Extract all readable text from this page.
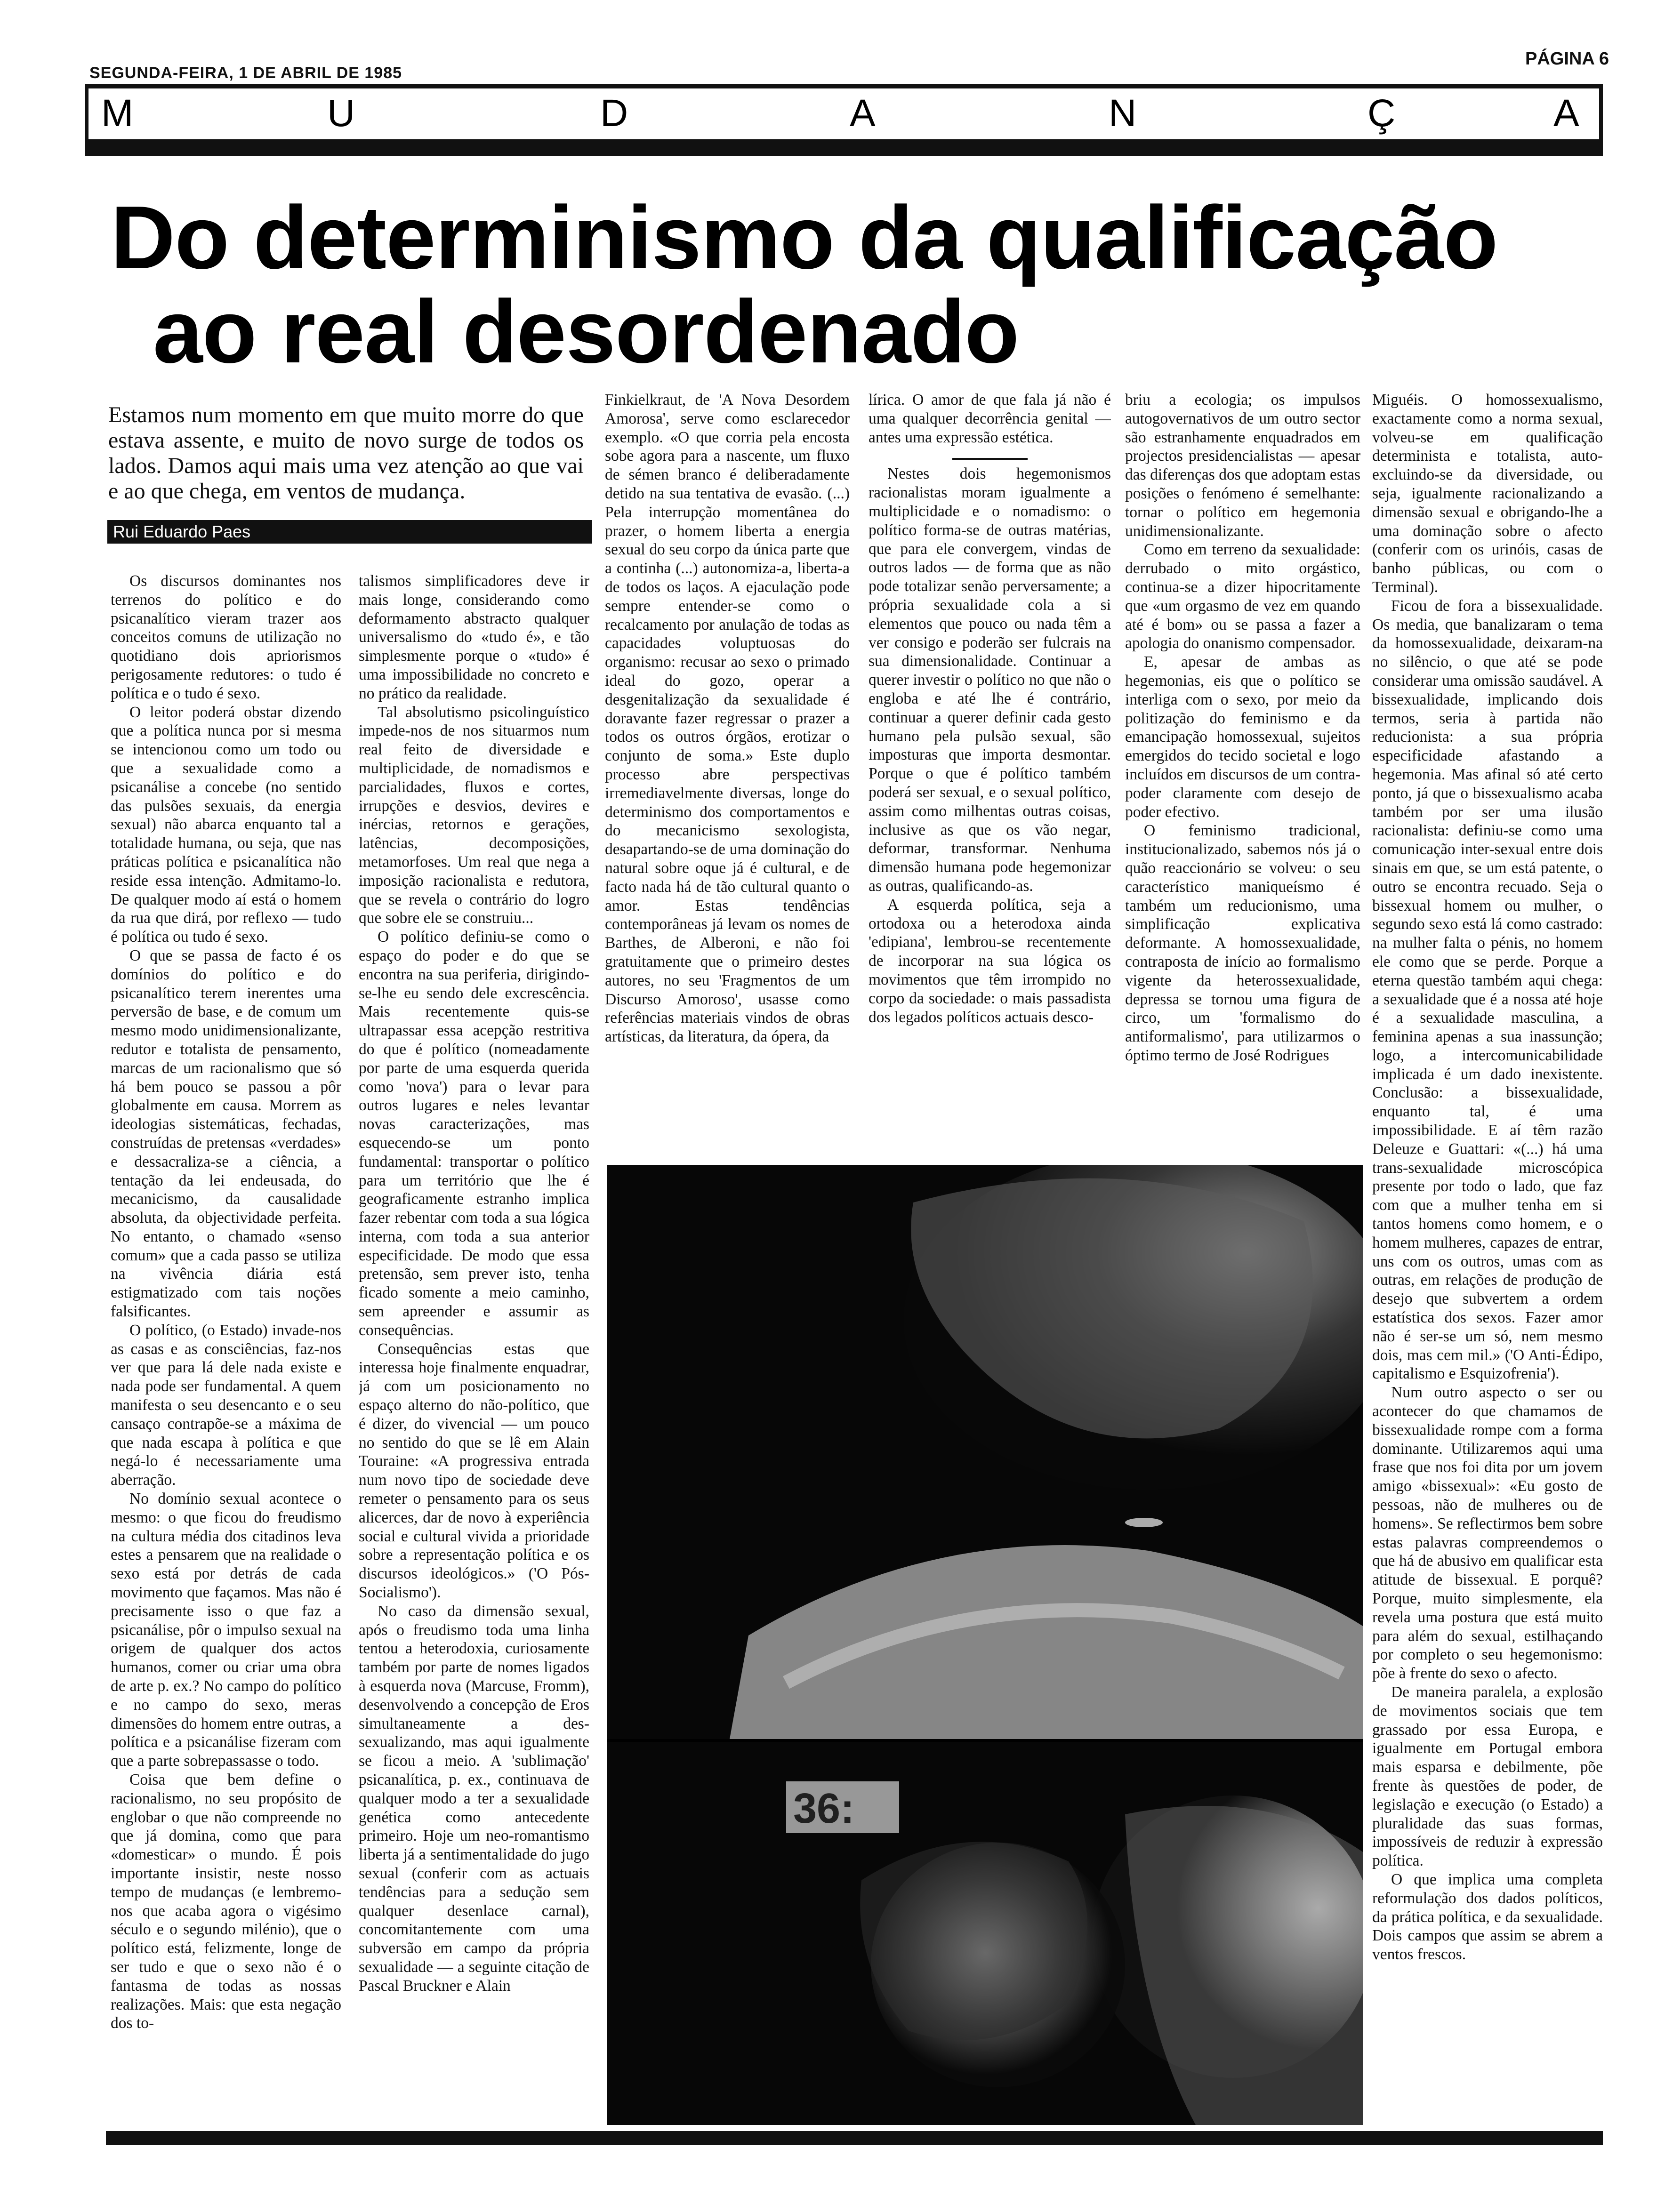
SEGUNDA-FEIRA, 1 DE ABRIL DE 1985
PÁGINA 6
M	U	D	A	N	Ç	A
Do determinismo da qualificação
ao real desordenado
Estamos num momento em que muito morre do que estava assente, e muito de novo surge de todos os lados. Damos aqui mais uma vez atenção ao que vai e ao que chega, em ventos de mudança.
Rui Eduardo Paes

Os discursos dominantes nos terrenos do político e do psicanalítico vieram trazer aos conceitos comuns de utilização no quotidiano dois apriorismos perigosamente redutores: o tudo é política e o tudo é sexo.

O leitor poderá obstar dizendo que a política nunca por si mesma se intencionou como um todo ou que a sexualidade como a psicanálise a concebe (no sentido das pulsões sexuais, da energia sexual) não abarca enquanto tal a totalidade humana, ou seja, que nas práticas política e psicanalítica não reside essa intenção. Admitamo-lo. De qualquer modo aí está o homem da rua que dirá, por reflexo — tudo é política ou tudo é sexo.

O que se passa de facto é os domínios do político e do psicanalítico terem inerentes uma perversão de base, e de comum um mesmo modo unidimensionalizante, redutor e totalista de pensamento, marcas de um racionalismo que só há bem pouco se passou a pôr globalmente em causa. Morrem as ideologias sistemáticas, fechadas, construídas de pretensas «verdades» e dessacraliza-se a ciência, a tentação da lei endeusada, do mecanicismo, da causalidade absoluta, da objectividade perfeita. No entanto, o chamado «senso comum» que a cada passo se utiliza na vivência diária está estigmatizado com tais noções falsificantes.

O político, (o Estado) invade-nos as casas e as consciências, faz-nos ver que para lá dele nada existe e nada pode ser fundamental. A quem manifesta o seu desencanto e o seu cansaço contrapõe-se a máxima de que nada escapa à política e que negá-lo é necessariamente uma aberração.

No domínio sexual acontece o mesmo: o que ficou do freudismo na cultura média dos citadinos leva estes a pensarem que na realidade o sexo está por detrás de cada movimento que façamos. Mas não é precisamente isso o que faz a psicanálise, pôr o impulso sexual na origem de qualquer dos actos humanos, comer ou criar uma obra de arte p. ex.? No campo do político e no campo do sexo, meras dimensões do homem entre outras, a política e a psicanálise fizeram com que a parte sobrepassasse o todo.

Coisa que bem define o racionalismo, no seu propósito de englobar o que não compreende no que já domina, como que para «domesticar» o mundo. É pois importante insistir, neste nosso tempo de mudanças (e lembremo-nos que acaba agora o vigésimo século e o segundo milénio), que o político está, felizmente, longe de ser tudo e que o sexo não é o fantasma de todas as nossas realizações. Mais: que esta negação dos to-

talismos simplificadores deve ir mais longe, considerando como deformamento abstracto qualquer universalismo do «tudo é», e tão simplesmente porque o «tudo» é uma impossibilidade no concreto e no prático da realidade.

Tal absolutismo psicolinguístico impede-nos de nos situarmos num real feito de diversidade e multiplicidade, de nomadismos e parcialidades, fluxos e cortes, irrupções e desvios, devires e inércias, retornos e gerações, latências, decomposições, metamorfoses. Um real que nega a imposição racionalista e redutora, que se revela o contrário do logro que sobre ele se construiu...

O político definiu-se como o espaço do poder e do que se encontra na sua periferia, dirigindo-se-lhe eu sendo dele excrescência. Mais recentemente quis-se ultrapassar essa acepção restritiva do que é político (nomeadamente por parte de uma esquerda querida como 'nova') para o levar para outros lugares e neles levantar novas caracterizações, mas esquecendo-se um ponto fundamental: transportar o político para um território que lhe é geograficamente estranho implica fazer rebentar com toda a sua lógica interna, com toda a sua anterior especificidade. De modo que essa pretensão, sem prever isto, tenha ficado somente a meio caminho, sem apreender e assumir as consequências.

Consequências estas que interessa hoje finalmente enquadrar, já com um posicionamento no espaço alterno do não-político, que é dizer, do vivencial — um pouco no sentido do que se lê em Alain Touraine: «A progressiva entrada num novo tipo de sociedade deve remeter o pensamento para os seus alicerces, dar de novo à experiência social e cultural vivida a prioridade sobre a representação política e os discursos ideológicos.» ('O Pós-Socialismo').

No caso da dimensão sexual, após o freudismo toda uma linha tentou a heterodoxia, curiosamente também por parte de nomes ligados à esquerda nova (Marcuse, Fromm), desenvolvendo a concepção de Eros simultaneamente a des-sexualizando, mas aqui igualmente se ficou a meio. A 'sublimação' psicanalítica, p. ex., continuava de qualquer modo a ter a sexualidade genética como antecedente primeiro. Hoje um neo-romantismo liberta já a sentimentalidade do jugo sexual (conferir com as actuais tendências para a sedução sem qualquer desenlace carnal), concomitantemente com uma subversão em campo da própria sexualidade — a seguinte citação de Pascal Bruckner e Alain

Finkielkraut, de 'A Nova Desordem Amorosa', serve como esclarecedor exemplo. «O que corria pela encosta sobe agora para a nascente, um fluxo de sémen branco é deliberadamente detido na sua tentativa de evasão. (...) Pela interrupção momentânea do prazer, o homem liberta a energia sexual do seu corpo da única parte que a continha (...) autonomiza-a, liberta-a de todos os laços. A ejaculação pode sempre entender-se como o recalcamento por anulação de todas as capacidades voluptuosas do organismo: recusar ao sexo o primado ideal do gozo, operar a desgenitalização da sexualidade é doravante fazer regressar o prazer a todos os outros órgãos, erotizar o conjunto de soma.» Este duplo processo abre perspectivas irremediavelmente diversas, longe do determinismo dos comportamentos e do mecanicismo sexologista, desapartando-se de uma dominação do natural sobre oque já é cultural, e de facto nada há de tão cultural quanto o amor. Estas tendências contemporâneas já levam os nomes de Barthes, de Alberoni, e não foi gratuitamente que o primeiro destes autores, no seu 'Fragmentos de um Discurso Amoroso', usasse como referências materiais vindos de obras artísticas, da literatura, da ópera, da

lírica. O amor de que fala já não é uma qualquer decorrência genital — antes uma expressão estética.

Nestes dois hegemonismos racionalistas moram igualmente a multiplicidade e o nomadismo: o político forma-se de outras matérias, que para ele convergem, vindas de outros lados — de forma que as não pode totalizar senão perversamente; a própria sexualidade cola a si elementos que pouco ou nada têm a ver consigo e poderão ser fulcrais na sua dimensionalidade. Continuar a querer investir o político no que não o engloba e até lhe é contrário, continuar a querer definir cada gesto humano pela pulsão sexual, são imposturas que importa desmontar. Porque o que é político também poderá ser sexual, e o sexual político, assim como milhentas outras coisas, inclusive as que os vão negar, deformar, transformar. Nenhuma dimensão humana pode hegemonizar as outras, qualificando-as.

A esquerda política, seja a ortodoxa ou a heterodoxa ainda 'edipiana', lembrou-se recentemente de incorporar na sua lógica os movimentos que têm irrompido no corpo da sociedade: o mais passadista dos legados políticos actuais desco-

briu a ecologia; os impulsos autogovernativos de um outro sector são estranhamente enquadrados em projectos presidencialistas — apesar das diferenças dos que adoptam estas posições o fenómeno é semelhante: tornar o político em hegemonia unidimensionalizante.

Como em terreno da sexualidade: derrubado o mito orgástico, continua-se a dizer hipocritamente que «um orgasmo de vez em quando até é bom» ou se passa a fazer a apologia do onanismo compensador.

E, apesar de ambas as hegemonias, eis que o político se interliga com o sexo, por meio da politização do feminismo e da emancipação homossexual, sujeitos emergidos do tecido societal e logo incluídos em discursos de um contra-poder claramente com desejo de poder efectivo.

O feminismo tradicional, institucionalizado, sabemos nós já o quão reaccionário se volveu: o seu característico maniqueísmo é também um reducionismo, uma simplificação explicativa deformante. A homossexualidade, contraposta de início ao formalismo vigente da heterossexualidade, depressa se tornou uma figura de circo, um 'formalismo do antiformalismo', para utilizarmos o óptimo termo de José Rodrigues

Miguéis. O homossexualismo, exactamente como a norma sexual, volveu-se em qualificação determinista e totalista, auto-excluindo-se da diversidade, ou seja, igualmente racionalizando a dimensão sexual e obrigando-lhe a uma dominação sobre o afecto (conferir com os urinóis, casas de banho públicas, ou com o Terminal).

Ficou de fora a bissexualidade. Os media, que banalizaram o tema da homossexualidade, deixaram-na no silêncio, o que até se pode considerar uma omissão saudável. A bissexualidade, implicando dois termos, seria à partida não reducionista: a sua própria especificidade afastando a hegemonia. Mas afinal só até certo ponto, já que o bissexualismo acaba também por ser uma ilusão racionalista: definiu-se como uma comunicação inter-sexual entre dois sinais em que, se um está patente, o outro se encontra recuado. Seja o bissexual homem ou mulher, o segundo sexo está lá como castrado: na mulher falta o pénis, no homem ele como que se perde. Porque a eterna questão também aqui chega: a sexualidade que é a nossa até hoje é a sexualidade masculina, a feminina apenas a sua inassunção; logo, a intercomunicabilidade implicada é um dado inexistente. Conclusão: a bissexualidade, enquanto tal, é uma impossibilidade. E aí têm razão Deleuze e Guattari: «(...) há uma trans-sexualidade microscópica presente por todo o lado, que faz com que a mulher tenha em si tantos homens como homem, e o homem mulheres, capazes de entrar, uns com os outros, umas com as outras, em relações de produção de desejo que subvertem a ordem estatística dos sexos. Fazer amor não é ser-se um só, nem mesmo dois, mas cem mil.» ('O Anti-Édipo, capitalismo e Esquizofrenia').

Num outro aspecto o ser ou acontecer do que chamamos de bissexualidade rompe com a forma dominante. Utilizaremos aqui uma frase que nos foi dita por um jovem amigo «bissexual»: «Eu gosto de pessoas, não de mulheres ou de homens». Se reflectirmos bem sobre estas palavras compreendemos o que há de abusivo em qualificar esta atitude de bissexual. E porquê? Porque, muito simplesmente, ela revela uma postura que está muito para além do sexual, estilhaçando por completo o seu hegemonismo: põe à frente do sexo o afecto.

De maneira paralela, a explosão de movimentos sociais que tem grassado por essa Europa, e igualmente em Portugal embora mais esparsa e debilmente, põe frente às questões de poder, de legislação e execução (o Estado) a pluralidade das suas formas, impossíveis de reduzir à expressão política.

O que implica uma completa reformulação dos dados políticos, da prática política, e da sexualidade. Dois campos que assim se abrem a ventos frescos.

36:
